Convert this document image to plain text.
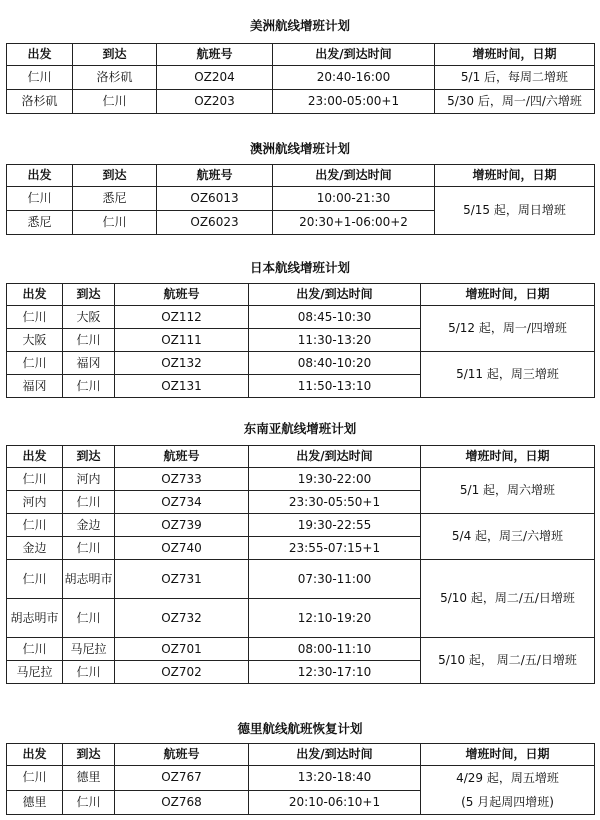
美洲航线增班计划
出发	到达	航班号	出发/到达时间	增班时间，日期
仁川	洛杉矶	OZ204	20:40-16:00	5/1 后，每周二增班
洛杉矶	仁川	OZ203	23:00-05:00+1	5/30 后，周一/四/六增班
澳洲航线增班计划
出发	到达	航班号	出发/到达时间	增班时间，日期
仁川	悉尼	OZ6013	10:00-21:30	5/15 起，周日增班
悉尼	仁川	OZ6023	20:30+1-06:00+2	
日本航线增班计划
出发	到达	航班号	出发/到达时间	增班时间，日期
仁川	大阪	OZ112	08:45-10:30	5/12 起，周一/四增班
大阪	仁川	OZ111	11:30-13:20	
仁川	福冈	OZ132	08:40-10:20	5/11 起，周三增班
福冈	仁川	OZ131	11:50-13:10	
东南亚航线增班计划
出发	到达	航班号	出发/到达时间	增班时间，日期
仁川	河内	OZ733	19:30-22:00	5/1 起，周六增班
河内	仁川	OZ734	23:30-05:50+1	
仁川	金边	OZ739	19:30-22:55	5/4 起，周三/六增班
金边	仁川	OZ740	23:55-07:15+1	
仁川	胡志明市	OZ731	07:30-11:00	5/10 起，周二/五/日增班
胡志明市	仁川	OZ732	12:10-19:20	
仁川	马尼拉	OZ701	08:00-11:10	5/10 起， 周二/五/日增班
马尼拉	仁川	OZ702	12:30-17:10	
德里航线航班恢复计划
出发	到达	航班号	出发/到达时间	增班时间，日期
仁川	德里	OZ767	13:20-18:40	4/29 起，周五增班
(5 月起周四增班)

德里	仁川	OZ768	20:10-06:10+1	
